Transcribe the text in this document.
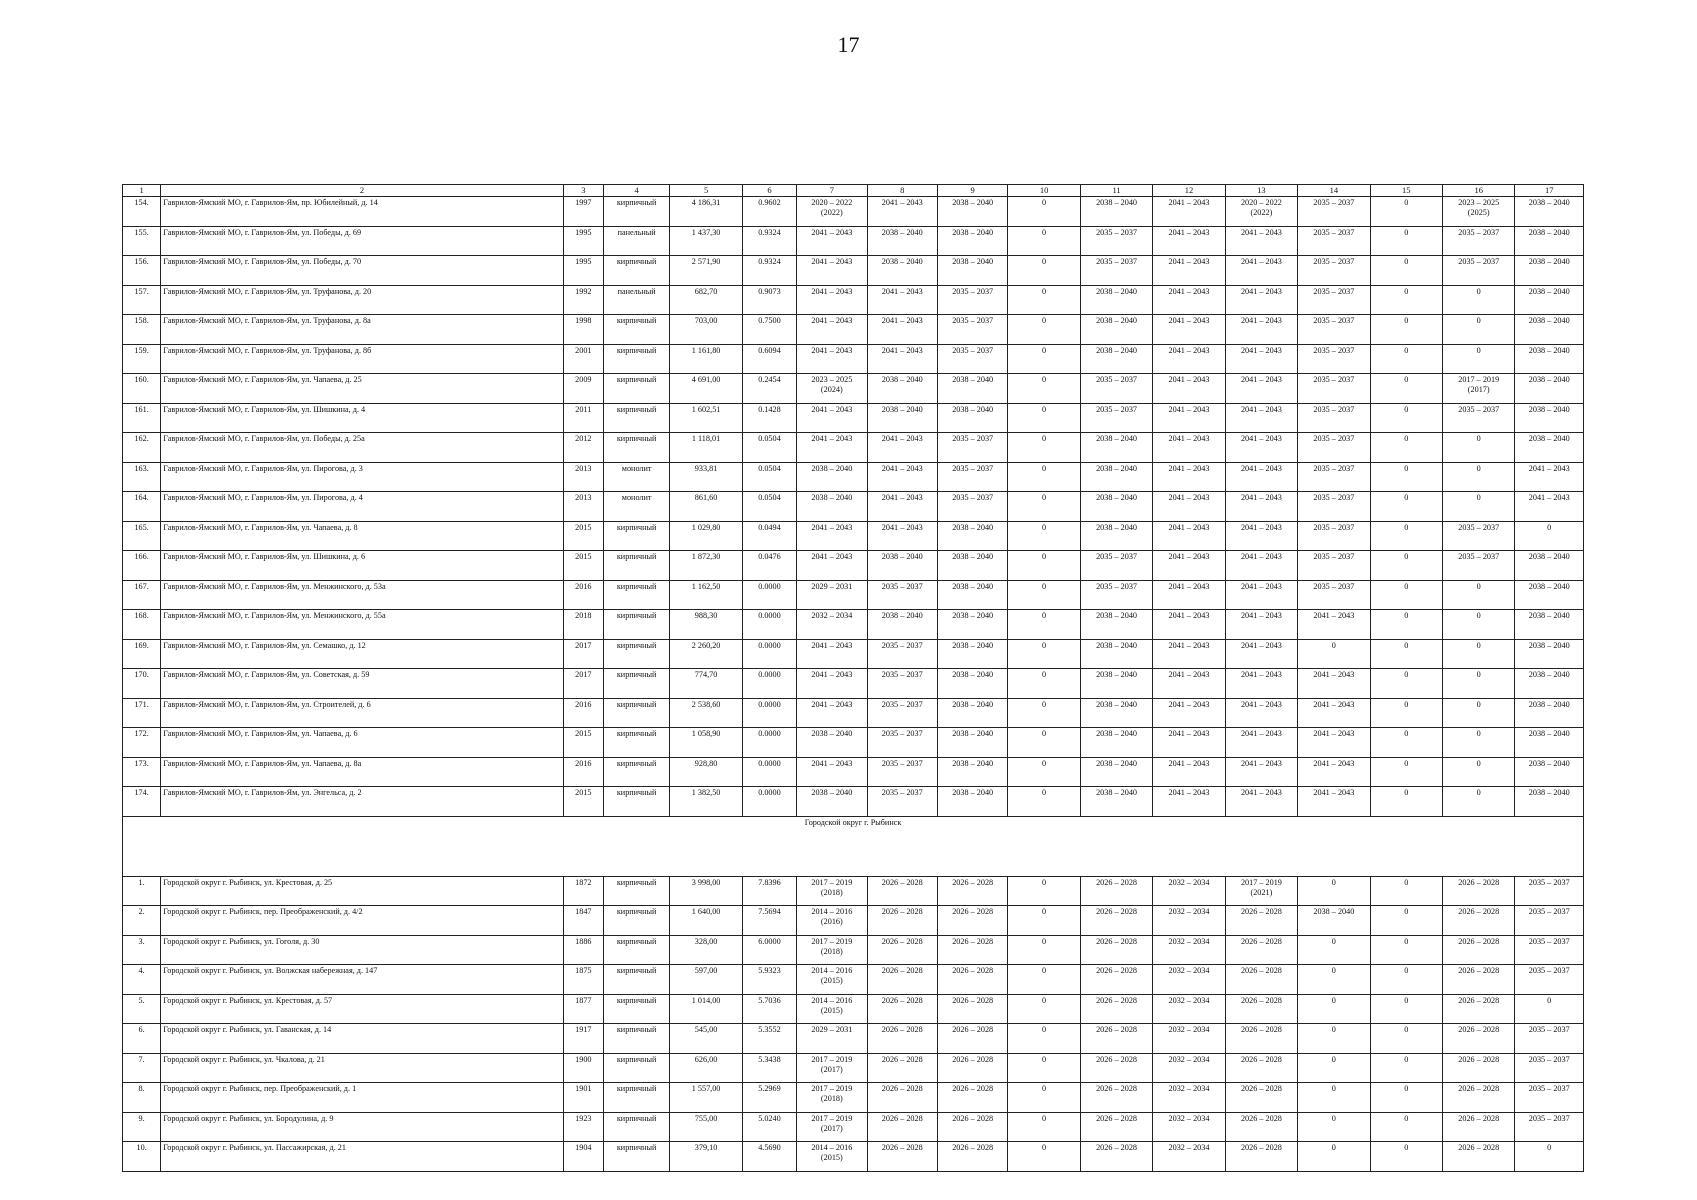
17
1	2	3	4	5	6	7	8	9	10	11	12	13	14	15	16	17
154.	Гаврилов-Ямский МО, г. Гаврилов-Ям, пр. Юбилейный, д. 14	1997	кирпичный	4 186,31	0.9602	2020 – 2022
(2022)	2041 – 2043	2038 – 2040	0	2038 – 2040	2041 – 2043	2020 – 2022
(2022)	2035 – 2037	0	2023 – 2025
(2025)	2038 – 2040
155.	Гаврилов-Ямский МО, г. Гаврилов-Ям, ул. Победы, д. 69	1995	панельный	1 437,30	0.9324	2041 – 2043	2038 – 2040	2038 – 2040	0	2035 – 2037	2041 – 2043	2041 – 2043	2035 – 2037	0	2035 – 2037	2038 – 2040
156.	Гаврилов-Ямский МО, г. Гаврилов-Ям, ул. Победы, д. 70	1995	кирпичный	2 571,90	0.9324	2041 – 2043	2038 – 2040	2038 – 2040	0	2035 – 2037	2041 – 2043	2041 – 2043	2035 – 2037	0	2035 – 2037	2038 – 2040
157.	Гаврилов-Ямский МО, г. Гаврилов-Ям, ул. Труфанова, д. 20	1992	панельный	682,70	0.9073	2041 – 2043	2041 – 2043	2035 – 2037	0	2038 – 2040	2041 – 2043	2041 – 2043	2035 – 2037	0	0	2038 – 2040
158.	Гаврилов-Ямский МО, г. Гаврилов-Ям, ул. Труфанова, д. 8а	1998	кирпичный	703,00	0.7500	2041 – 2043	2041 – 2043	2035 – 2037	0	2038 – 2040	2041 – 2043	2041 – 2043	2035 – 2037	0	0	2038 – 2040
159.	Гаврилов-Ямский МО, г. Гаврилов-Ям, ул. Труфанова, д. 8б	2001	кирпичный	1 161,80	0.6094	2041 – 2043	2041 – 2043	2035 – 2037	0	2038 – 2040	2041 – 2043	2041 – 2043	2035 – 2037	0	0	2038 – 2040
160.	Гаврилов-Ямский МО, г. Гаврилов-Ям, ул. Чапаева, д. 25	2009	кирпичный	4 691,00	0.2454	2023 – 2025
(2024)	2038 – 2040	2038 – 2040	0	2035 – 2037	2041 – 2043	2041 – 2043	2035 – 2037	0	2017 – 2019
(2017)	2038 – 2040
161.	Гаврилов-Ямский МО, г. Гаврилов-Ям, ул. Шишкина, д. 4	2011	кирпичный	1 602,51	0.1428	2041 – 2043	2038 – 2040	2038 – 2040	0	2035 – 2037	2041 – 2043	2041 – 2043	2035 – 2037	0	2035 – 2037	2038 – 2040
162.	Гаврилов-Ямский МО, г. Гаврилов-Ям, ул. Победы, д. 25а	2012	кирпичный	1 118,01	0.0504	2041 – 2043	2041 – 2043	2035 – 2037	0	2038 – 2040	2041 – 2043	2041 – 2043	2035 – 2037	0	0	2038 – 2040
163.	Гаврилов-Ямский МО, г. Гаврилов-Ям, ул. Пирогова, д. 3	2013	монолит	933,81	0.0504	2038 – 2040	2041 – 2043	2035 – 2037	0	2038 – 2040	2041 – 2043	2041 – 2043	2035 – 2037	0	0	2041 – 2043
164.	Гаврилов-Ямский МО, г. Гаврилов-Ям, ул. Пирогова, д. 4	2013	монолит	861,60	0.0504	2038 – 2040	2041 – 2043	2035 – 2037	0	2038 – 2040	2041 – 2043	2041 – 2043	2035 – 2037	0	0	2041 – 2043
165.	Гаврилов-Ямский МО, г. Гаврилов-Ям, ул. Чапаева, д. 8	2015	кирпичный	1 029,80	0.0494	2041 – 2043	2041 – 2043	2038 – 2040	0	2038 – 2040	2041 – 2043	2041 – 2043	2035 – 2037	0	2035 – 2037	0
166.	Гаврилов-Ямский МО, г. Гаврилов-Ям, ул. Шишкина, д. 6	2015	кирпичный	1 872,30	0.0476	2041 – 2043	2038 – 2040	2038 – 2040	0	2035 – 2037	2041 – 2043	2041 – 2043	2035 – 2037	0	2035 – 2037	2038 – 2040
167.	Гаврилов-Ямский МО, г. Гаврилов-Ям, ул. Менжинского, д. 53а	2016	кирпичный	1 162,50	0.0000	2029 – 2031	2035 – 2037	2038 – 2040	0	2035 – 2037	2041 – 2043	2041 – 2043	2035 – 2037	0	0	2038 – 2040
168.	Гаврилов-Ямский МО, г. Гаврилов-Ям, ул. Менжинского, д. 55а	2018	кирпичный	988,30	0.0000	2032 – 2034	2038 – 2040	2038 – 2040	0	2038 – 2040	2041 – 2043	2041 – 2043	2041 – 2043	0	0	2038 – 2040
169.	Гаврилов-Ямский МО, г. Гаврилов-Ям, ул. Семашко, д. 12	2017	кирпичный	2 260,20	0.0000	2041 – 2043	2035 – 2037	2038 – 2040	0	2038 – 2040	2041 – 2043	2041 – 2043	0	0	0	2038 – 2040
170.	Гаврилов-Ямский МО, г. Гаврилов-Ям, ул. Советская, д. 59	2017	кирпичный	774,70	0.0000	2041 – 2043	2035 – 2037	2038 – 2040	0	2038 – 2040	2041 – 2043	2041 – 2043	2041 – 2043	0	0	2038 – 2040
171.	Гаврилов-Ямский МО, г. Гаврилов-Ям, ул. Строителей, д. 6	2016	кирпичный	2 538,60	0.0000	2041 – 2043	2035 – 2037	2038 – 2040	0	2038 – 2040	2041 – 2043	2041 – 2043	2041 – 2043	0	0	2038 – 2040
172.	Гаврилов-Ямский МО, г. Гаврилов-Ям, ул. Чапаева, д. 6	2015	кирпичный	1 058,90	0.0000	2038 – 2040	2035 – 2037	2038 – 2040	0	2038 – 2040	2041 – 2043	2041 – 2043	2041 – 2043	0	0	2038 – 2040
173.	Гаврилов-Ямский МО, г. Гаврилов-Ям, ул. Чапаева, д. 8а	2016	кирпичный	928,80	0.0000	2041 – 2043	2035 – 2037	2038 – 2040	0	2038 – 2040	2041 – 2043	2041 – 2043	2041 – 2043	0	0	2038 – 2040
174.	Гаврилов-Ямский МО, г. Гаврилов-Ям, ул. Энгельса, д. 2	2015	кирпичный	1 382,50	0.0000	2038 – 2040	2035 – 2037	2038 – 2040	0	2038 – 2040	2041 – 2043	2041 – 2043	2041 – 2043	0	0	2038 – 2040
Городской округ г. Рыбинск																
1.	Городской округ г. Рыбинск, ул. Крестовая, д. 25	1872	кирпичный	3 998,00	7.8396	2017 – 2019
(2018)	2026 – 2028	2026 – 2028	0	2026 – 2028	2032 – 2034	2017 – 2019
(2021)	0	0	2026 – 2028	2035 – 2037
2.	Городской округ г. Рыбинск, пер. Преображенский, д. 4/2	1847	кирпичный	1 640,00	7.5694	2014 – 2016
(2016)	2026 – 2028	2026 – 2028	0	2026 – 2028	2032 – 2034	2026 – 2028	2038 – 2040	0	2026 – 2028	2035 – 2037
3.	Городской округ г. Рыбинск, ул. Гоголя, д. 30	1886	кирпичный	328,00	6.0000	2017 – 2019
(2018)	2026 – 2028	2026 – 2028	0	2026 – 2028	2032 – 2034	2026 – 2028	0	0	2026 – 2028	2035 – 2037
4.	Городской округ г. Рыбинск, ул. Волжская набережная, д. 147	1875	кирпичный	597,00	5.9323	2014 – 2016
(2015)	2026 – 2028	2026 – 2028	0	2026 – 2028	2032 – 2034	2026 – 2028	0	0	2026 – 2028	2035 – 2037
5.	Городской округ г. Рыбинск, ул. Крестовая, д. 57	1877	кирпичный	1 014,00	5.7036	2014 – 2016
(2015)	2026 – 2028	2026 – 2028	0	2026 – 2028	2032 – 2034	2026 – 2028	0	0	2026 – 2028	0
6.	Городской округ г. Рыбинск, ул. Гаванская, д. 14	1917	кирпичный	545,00	5.3552	2029 – 2031	2026 – 2028	2026 – 2028	0	2026 – 2028	2032 – 2034	2026 – 2028	0	0	2026 – 2028	2035 – 2037
7.	Городской округ г. Рыбинск, ул. Чкалова, д. 21	1900	кирпичный	626,00	5.3438	2017 – 2019
(2017)	2026 – 2028	2026 – 2028	0	2026 – 2028	2032 – 2034	2026 – 2028	0	0	2026 – 2028	2035 – 2037
8.	Городской округ г. Рыбинск, пер. Преображенский, д. 1	1901	кирпичный	1 557,00	5.2969	2017 – 2019
(2018)	2026 – 2028	2026 – 2028	0	2026 – 2028	2032 – 2034	2026 – 2028	0	0	2026 – 2028	2035 – 2037
9.	Городской округ г. Рыбинск, ул. Бородулина, д. 9	1923	кирпичный	755,00	5.0240	2017 – 2019
(2017)	2026 – 2028	2026 – 2028	0	2026 – 2028	2032 – 2034	2026 – 2028	0	0	2026 – 2028	2035 – 2037
10.	Городской округ г. Рыбинск, ул. Пассажирская, д. 21	1904	кирпичный	379,10	4.5690	2014 – 2016
(2015)	2026 – 2028	2026 – 2028	0	2026 – 2028	2032 – 2034	2026 – 2028	0	0	2026 – 2028	0
